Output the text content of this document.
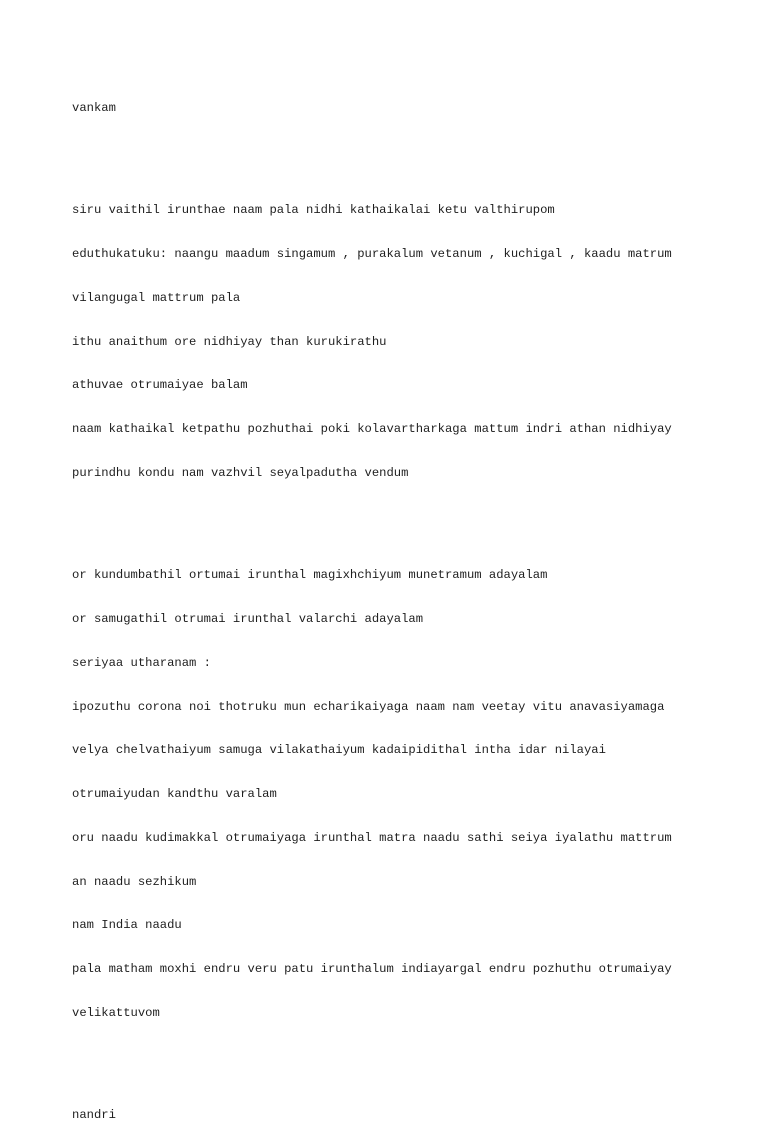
vankam

siru vaithil irunthae naam pala nidhi kathaikalai ketu valthirupom

eduthukatuku: naangu maadum singamum , purakalum vetanum , kuchigal , kaadu matrum

vilangugal mattrum pala

ithu anaithum ore nidhiyay than kurukirathu

athuvae otrumaiyae balam

naam kathaikal ketpathu pozhuthai poki kolavartharkaga mattum indri athan nidhiyay

purindhu kondu nam vazhvil seyalpadutha vendum

or kundumbathil ortumai irunthal magixhchiyum munetramum adayalam

or samugathil otrumai irunthal valarchi adayalam

seriyaa utharanam :

ipozuthu corona noi thotruku mun echarikaiyaga naam nam veetay vitu anavasiyamaga

velya chelvathaiyum samuga vilakathaiyum kadaipidithal intha idar nilayai

otrumaiyudan kandthu varalam

oru naadu kudimakkal otrumaiyaga irunthal matra naadu sathi seiya iyalathu mattrum

an naadu sezhikum

nam India naadu

pala matham moxhi endru veru patu irunthalum indiayargal endru pozhuthu otrumaiyay

velikattuvom

nandri
